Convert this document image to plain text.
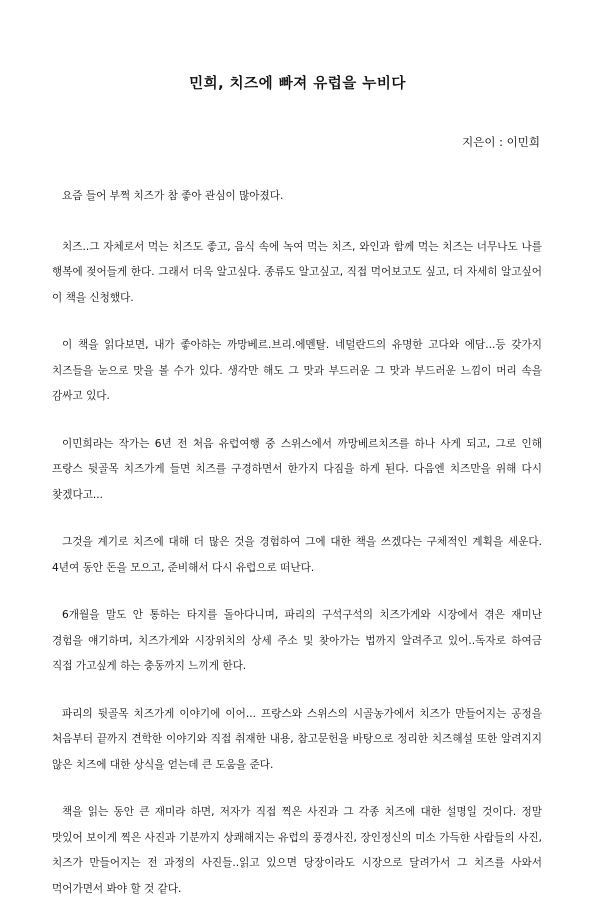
민희, 치즈에 빠져 유럽을 누비다

지은이 : 이민희

요즘 들어 부쩍 치즈가 참 좋아 관심이 많아졌다.

치즈..그 자체로서 먹는 치즈도 좋고, 음식 속에 녹여 먹는 치즈, 와인과 함께 먹는 치즈는 너무나도 나를 행복에 젖어들게 한다. 그래서 더욱 알고싶다. 종류도 알고싶고, 직접 먹어보고도 싶고, 더 자세히 알고싶어 이 책을 신청했다.

이 책을 읽다보면, 내가 좋아하는 까망베르.브리.에멘탈. 네덜란드의 유명한 고다와 에담...등 갖가지 치즈들을 눈으로 맛을 볼 수가 있다. 생각만 해도 그 맛과 부드러운 그 맛과 부드러운 느낌이 머리 속을 감싸고 있다.

이민희라는 작가는 6년 전 처음 유럽여행 중 스위스에서 까망베르치즈를 하나 사게 되고, 그로 인해 프랑스 뒷골목 치즈가게 들면 치즈를 구경하면서 한가지 다짐을 하게 된다. 다음엔 치즈만을 위해 다시 찾겠다고...

그것을 계기로 치즈에 대해 더 많은 것을 경험하여 그에 대한 책을 쓰겠다는 구체적인 계획을 세운다. 4년여 동안 돈을 모으고, 준비해서 다시 유럽으로 떠난다.

6개월을 말도 안 통하는 타지를 돌아다니며, 파리의 구석구석의 치즈가게와 시장에서 겪은 재미난 경험을 얘기하며, 치즈가게와 시장위치의 상세 주소 및 찾아가는 법까지 알려주고 있어..독자로 하여금 직접 가고싶게 하는 충동까지 느끼게 한다.

파리의 뒷골목 치즈가게 이야기에 이어... 프랑스와 스위스의 시골농가에서 치즈가 만들어지는 공정을 처음부터 끝까지 견학한 이야기와 직접 취재한 내용, 참고문헌을 바탕으로 정리한 치즈해설 또한 알려지지 않은 치즈에 대한 상식을 얻는데 큰 도움을 준다.

책을 읽는 동안 큰 재미라 하면, 저자가 직접 찍은 사진과 그 각종 치즈에 대한 설명일 것이다. 정말 맛있어 보이게 찍은 사진과 기분까지 상쾌해지는 유럽의 풍경사진, 장인정신의 미소 가득한 사람들의 사진, 치즈가 만들어지는 전 과정의 사진들..읽고 있으면 당장이라도 시장으로 달려가서 그 치즈를 사와서 먹어가면서 봐야 할 것 같다.
